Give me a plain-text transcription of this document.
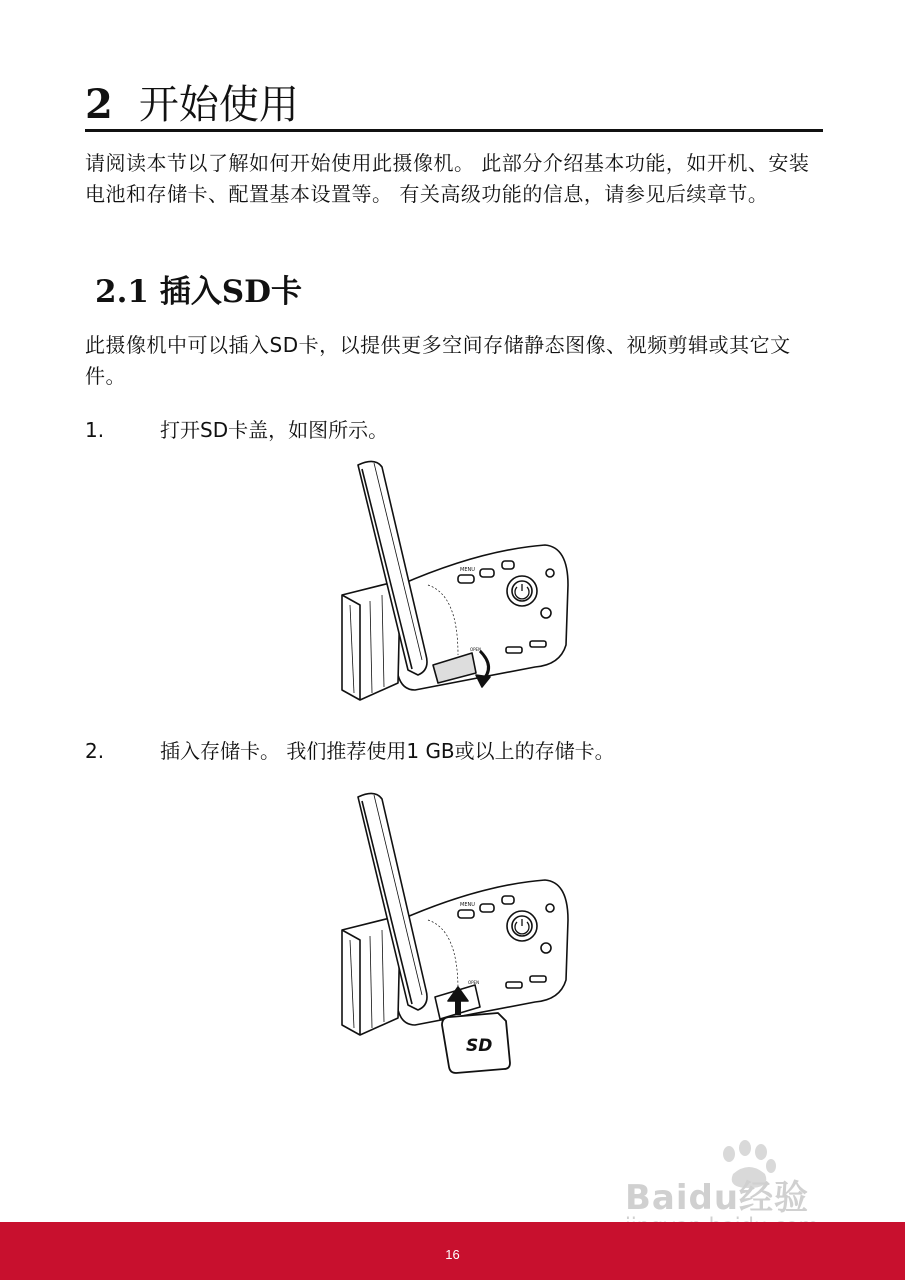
2 开始使用

请阅读本节以了解如何开始使用此摄像机。 此部分介绍基本功能，如开机、安装电池和存储卡、配置基本设置等。 有关高级功能的信息，请参见后续章节。

2.1 插入SD卡

此摄像机中可以插入SD卡，以提供更多空间存储静态图像、视频剪辑或其它文件。

1.	打开SD卡盖，如图所示。
MENU
OPEN
2.	插入存储卡。 我们推荐使用1 GB或以上的存储卡。
SD
MENU
OPEN
Baidu经验
16
